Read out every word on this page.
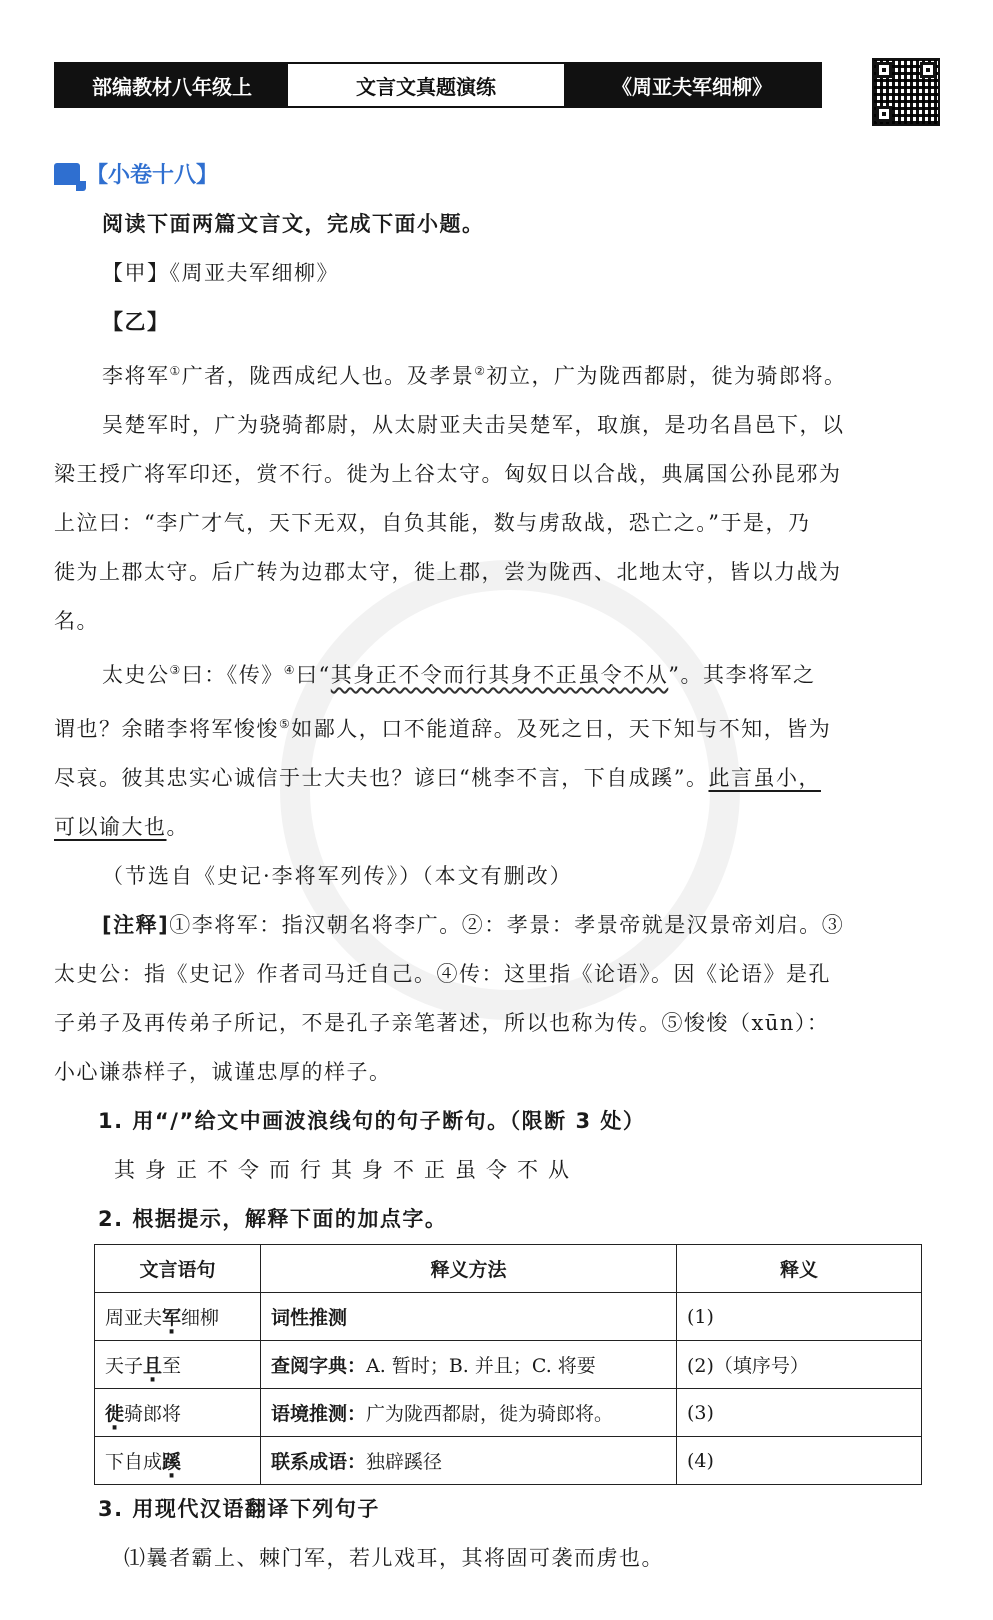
部编教材八年级上	文言文真题演练	《周亚夫军细柳》
【小卷十八】
阅读下面两篇文言文，完成下面小题。
【甲】《周亚夫军细柳》
【乙】
李将军①广者，陇西成纪人也。及孝景②初立，广为陇西都尉，徙为骑郎将。
吴楚军时，广为骁骑都尉，从太尉亚夫击吴楚军，取旗，是功名昌邑下，以
梁王授广将军印还，赏不行。徙为上谷太守。匈奴日以合战，典属国公孙昆邪为
上泣曰：“李广才气，天下无双，自负其能，数与虏敌战，恐亡之。”于是，乃
徙为上郡太守。后广转为边郡太守，徙上郡，尝为陇西、北地太守，皆以力战为
名。
太史公③曰：《传》④曰“其身正不令而行其身不正虽令不从”。其李将军之
谓也？余睹李将军悛悛⑤如鄙人，口不能道辞。及死之日，天下知与不知，皆为
尽哀。彼其忠实心诚信于士大夫也？谚曰“桃李不言，下自成蹊”。此言虽小，
可以谕大也。
（节选自《史记·李将军列传》）（本文有删改）
[注释]①李将军：指汉朝名将李广。②：孝景：孝景帝就是汉景帝刘启。③
太史公：指《史记》作者司马迁自己。④传：这里指《论语》。因《论语》是孔
子弟子及再传弟子所记，不是孔子亲笔著述，所以也称为传。⑤悛悛（xūn）：
小心谦恭样子，诚谨忠厚的样子。
1. 用“/”给文中画波浪线句的句子断句。（限断 3 处）
其身正不令而行其身不正虽令不从
2. 根据提示，解释下面的加点字。
文言语句	释义方法	释义
周亚夫军细柳	词性推测	(1)
天子且至	查阅字典：A. 暂时；B. 并且；C. 将要	(2)（填序号）
徙骑郎将	语境推测：广为陇西都尉，徙为骑郎将。	(3)
下自成蹊	联系成语：独辟蹊径	(4)
3. 用现代汉语翻译下列句子
⑴曩者霸上、棘门军，若儿戏耳，其将固可袭而虏也。
